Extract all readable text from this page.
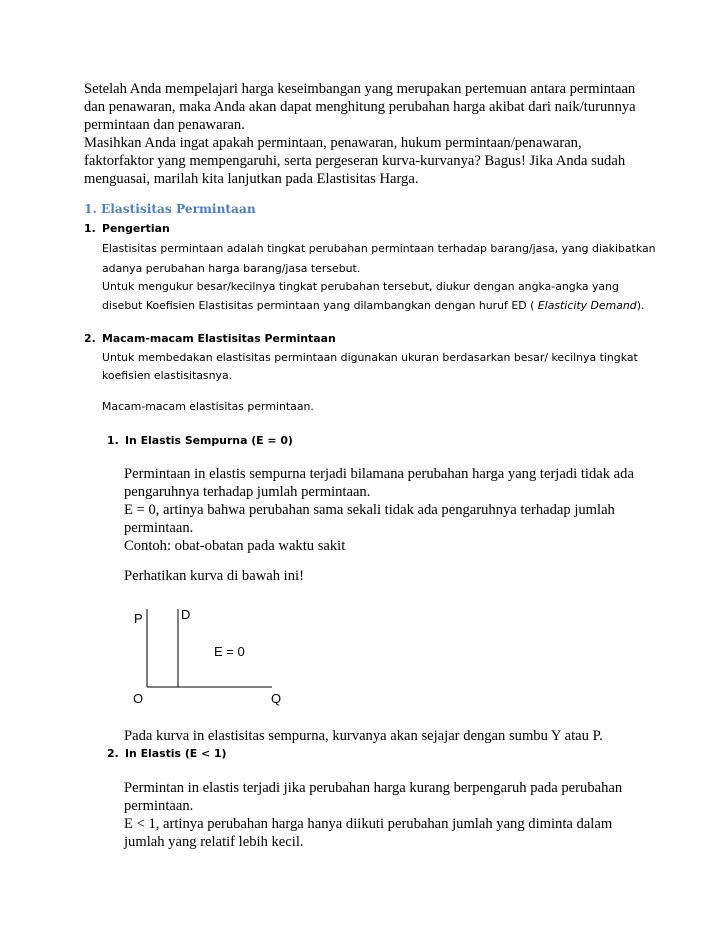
Setelah Anda mempelajari harga keseimbangan yang merupakan pertemuan antara permintaan
dan penawaran, maka Anda akan dapat menghitung perubahan harga akibat dari naik/turunnya
permintaan dan penawaran.
Masihkan Anda ingat apakah permintaan, penawaran, hukum permintaan/penawaran,
faktorfaktor yang mempengaruhi, serta pergeseran kurva-kurvanya? Bagus! Jika Anda sudah
menguasai, marilah kita lanjutkan pada Elastisitas Harga.
1. Elastisitas Permintaan
1. Pengertian
Elastisitas permintaan adalah tingkat perubahan permintaan terhadap barang/jasa, yang diakibatkan
adanya perubahan harga barang/jasa tersebut.
Untuk mengukur besar/kecilnya tingkat perubahan tersebut, diukur dengan angka-angka yang
disebut Koefisien Elastisitas permintaan yang dilambangkan dengan huruf ED ( Elasticity Demand).
2. Macam-macam Elastisitas Permintaan
Untuk membedakan elastisitas permintaan digunakan ukuran berdasarkan besar/ kecilnya tingkat
koefisien elastisitasnya.
Macam-macam elastisitas permintaan.
1. In Elastis Sempurna (E = 0)
Permintaan in elastis sempurna terjadi bilamana perubahan harga yang terjadi tidak ada
pengaruhnya terhadap jumlah permintaan.
E = 0, artinya bahwa perubahan sama sekali tidak ada pengaruhnya terhadap jumlah
permintaan.
Contoh: obat-obatan pada waktu sakit
Perhatikan kurva di bawah ini!
P	D
E = 0
O	Q
Pada kurva in elastisitas sempurna, kurvanya akan sejajar dengan sumbu Y atau P.
2. In Elastis (E < 1)
Permintan in elastis terjadi jika perubahan harga kurang berpengaruh pada perubahan
permintaan.
E < 1, artinya perubahan harga hanya diikuti perubahan jumlah yang diminta dalam
jumlah yang relatif lebih kecil.
